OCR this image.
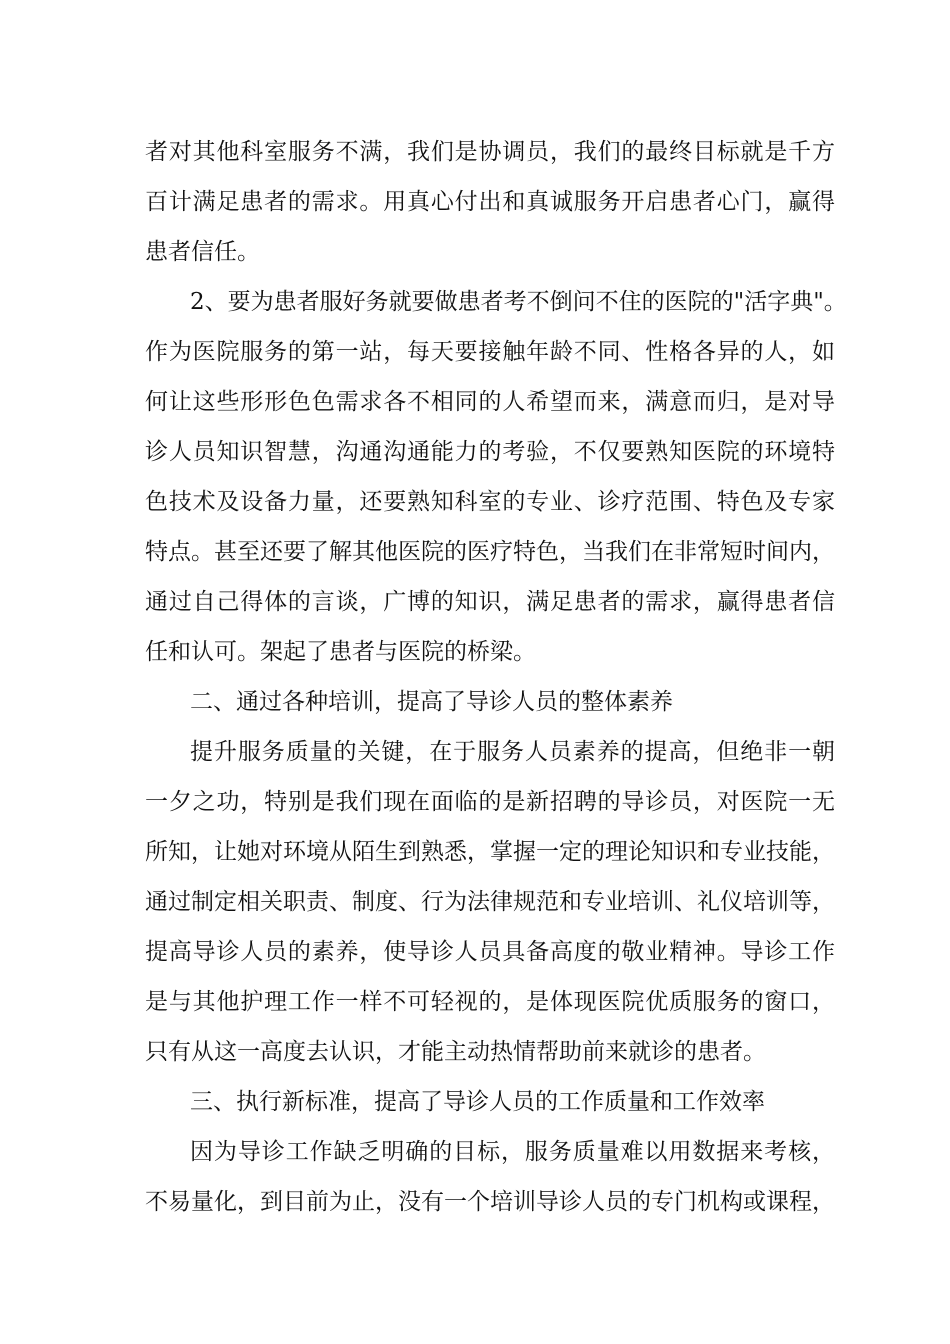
者对其他科室服务不满，我们是协调员，我们的最终目标就是千方
百计满足患者的需求。用真心付出和真诚服务开启患者心门，赢得
患者信任。
2、要为患者服好务就要做患者考不倒问不住的医院的"活字典"。
作为医院服务的第一站，每天要接触年龄不同、性格各异的人，如
何让这些形形色色需求各不相同的人希望而来，满意而归，是对导
诊人员知识智慧，沟通沟通能力的考验，不仅要熟知医院的环境特
色技术及设备力量，还要熟知科室的专业、诊疗范围、特色及专家
特点。甚至还要了解其他医院的医疗特色，当我们在非常短时间内，
通过自己得体的言谈，广博的知识，满足患者的需求，赢得患者信
任和认可。架起了患者与医院的桥梁。
二、通过各种培训，提高了导诊人员的整体素养
提升服务质量的关键，在于服务人员素养的提高，但绝非一朝
一夕之功，特别是我们现在面临的是新招聘的导诊员，对医院一无
所知，让她对环境从陌生到熟悉，掌握一定的理论知识和专业技能，
通过制定相关职责、制度、行为法律规范和专业培训、礼仪培训等，
提高导诊人员的素养，使导诊人员具备高度的敬业精神。导诊工作
是与其他护理工作一样不可轻视的，是体现医院优质服务的窗口，
只有从这一高度去认识，才能主动热情帮助前来就诊的患者。
三、执行新标准，提高了导诊人员的工作质量和工作效率
因为导诊工作缺乏明确的目标，服务质量难以用数据来考核，
不易量化，到目前为止，没有一个培训导诊人员的专门机构或课程，
